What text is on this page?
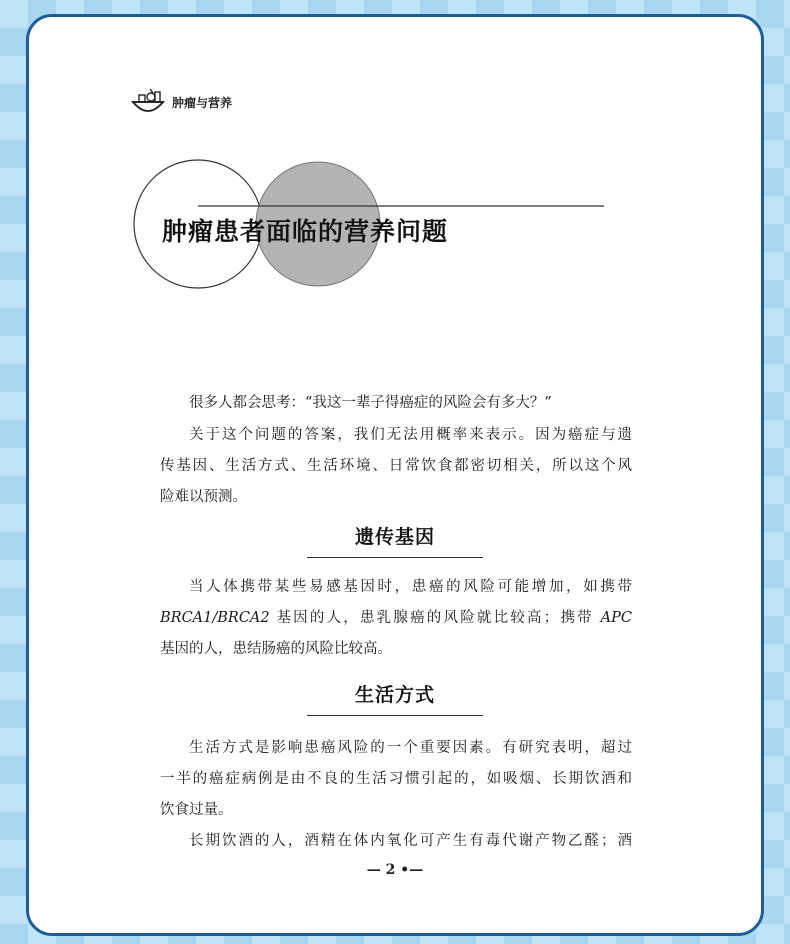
肿瘤与营养
肿瘤患者面临的营养问题

很多人都会思考：“我这一辈子得癌症的风险会有多大？”

关于这个问题的答案，我们无法用概率来表示。因为癌症与遗

传基因、生活方式、生活环境、日常饮食都密切相关，所以这个风

险难以预测。

遗传基因

当人体携带某些易感基因时，患癌的风险可能增加，如携带

BRCA1/BRCA2 基因的人，患乳腺癌的风险就比较高；携带 APC

基因的人，患结肠癌的风险比较高。

生活方式

生活方式是影响患癌风险的一个重要因素。有研究表明，超过

一半的癌症病例是由不良的生活习惯引起的，如吸烟、长期饮酒和

饮食过量。

长期饮酒的人，酒精在体内氧化可产生有毒代谢产物乙醛；酒

— 2 •—
